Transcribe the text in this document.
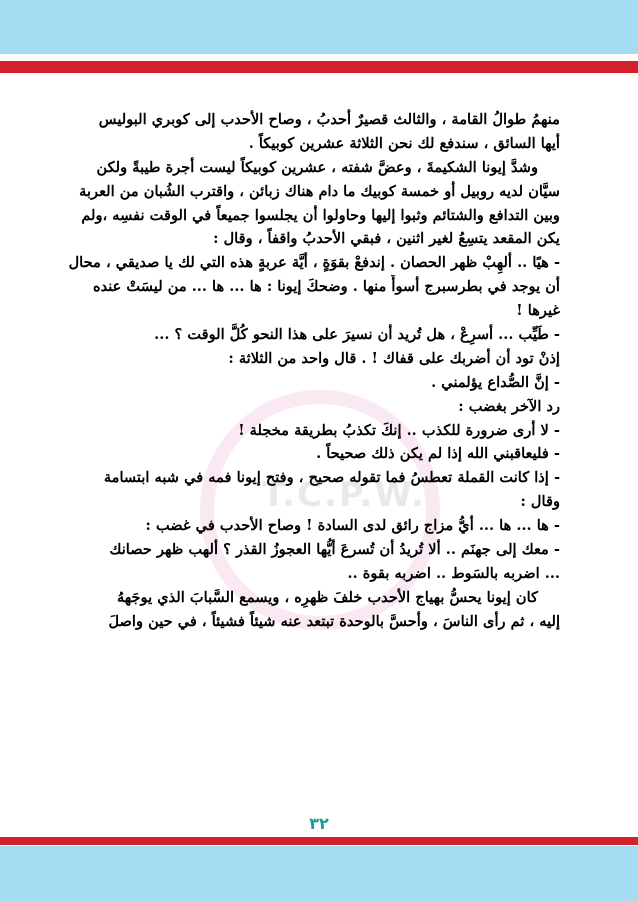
T.C.P.W.
منهمُ طوالُ القامة ، والثالث قصيرٌ أحدبُ ، وصاح الأحدب إلى كوبري البوليس
أيها السائق ، سندفع لك نحن الثلاثة عشرين كوبيكاً .
وشدَّ إيونا الشكيمةَ ، وعضَّ شفته ، عشرين كوبيكاً ليست أجرة طيبةً ولكن
سيَّان لديه روبيل أو خمسة كوبيك ما دام هناك زبائن ، واقترب الشُبان من العربة
وبين التدافع والشتائم وثبوا إليها وحاولوا أن يجلسوا جميعاً في الوقت نفسِه ،ولم
يكن المقعد يتسِعُ لغير اثنين ، فبقي الأحدبُ واقفاً ، وقال :
- هيًا .. ألهِبْ ظهر الحصان . إندفعْ بقوَةٍ ، أيَّة عربةٍ هذه التي لك يا صديقي ، محال
أن يوجد في بطرسبرج أسوأَ منها . وضحكَ إيونا : ها ... ها ... من ليسَتْ عنده
غيرها !
- طَيِّب ... أسرِعْ ، هل تُريد أن نسيرَ على هذا النحو كُلَّ الوقت ؟ ...
إذنْ تود أن أضربك على قفاك ! . قال واحد من الثلاثة :
- إنَّ الصُّداع يؤلمني .
رد الآخر بغضب :
- لا أرى ضرورة للكذب .. إنكَ تكذبُ بطريقة مخجلة !
- فليعاقبني الله إذا لم يكن ذلك صحيحاً .
- إذا كانت القملة تعطسُ فما تقوله صحيح ، وفتح إيونا فمه في شبه ابتسامة
وقال :
- ها ... ها ... أيُّ مزاج رائق لدى السادة ! وصاح الأحدب في غضب :
- معك إلى جهنَم .. ألا تُريدُ أن تُسرعَ أيُّها العجوزُ القذر ؟ ألهب ظهر حصانك
... اضربه بالسَوط .. اضربه بقوة ..
كان إيونا يحسُّ بهياج الأحدب خلفَ ظهرِه ، ويسمع السَّبابَ الذي يوجَههُ
إليه ، ثم رأى الناسَ ، وأحسَّ بالوحدة تبتعد عنه شيئاً فشيئاً ، في حين واصلَ
٣٢
